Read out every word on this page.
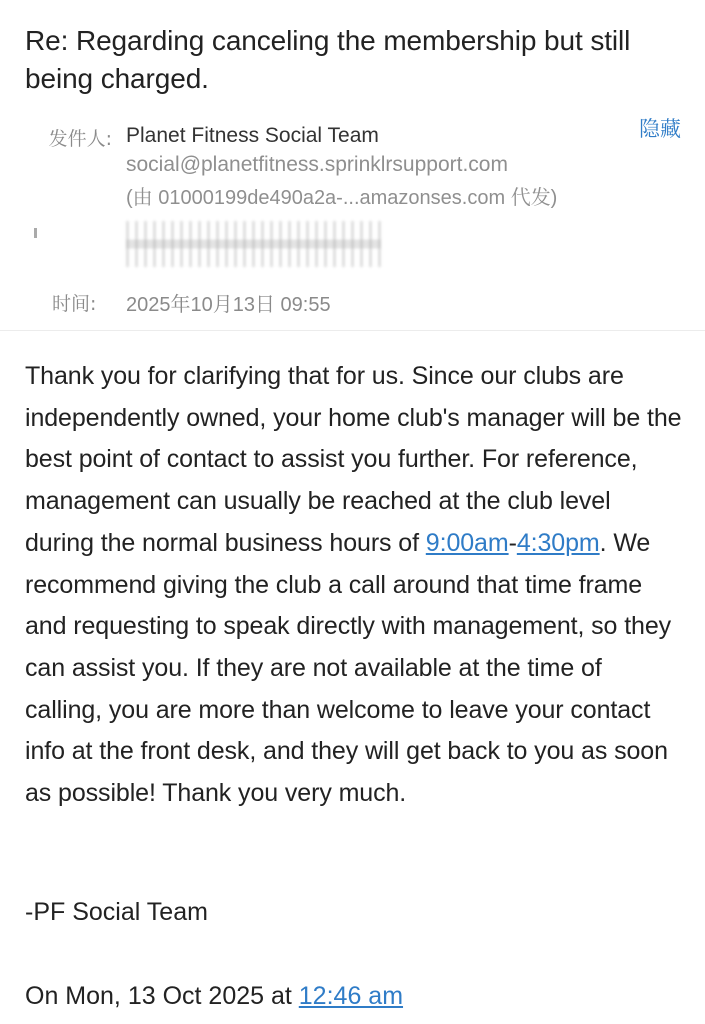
Re: Regarding canceling the membership but still being charged.
隐藏
发件人: Planet Fitness Social Team
social@planetfitness.sprinklrsupport.com
(由 01000199de490a2a-...amazonses.com 代发)
时间: 2025年10月13日 09:55
Thank you for clarifying that for us. Since our clubs are independently owned, your home club's manager will be the best point of contact to assist you further. For reference, management can usually be reached at the club level during the normal business hours of 9:00am-4:30pm. We recommend giving the club a call around that time frame and requesting to speak directly with management, so they can assist you. If they are not available at the time of calling, you are more than welcome to leave your contact info at the front desk, and they will get back to you as soon as possible! Thank you very much.
-PF Social Team
On Mon, 13 Oct 2025 at 12:46 am
